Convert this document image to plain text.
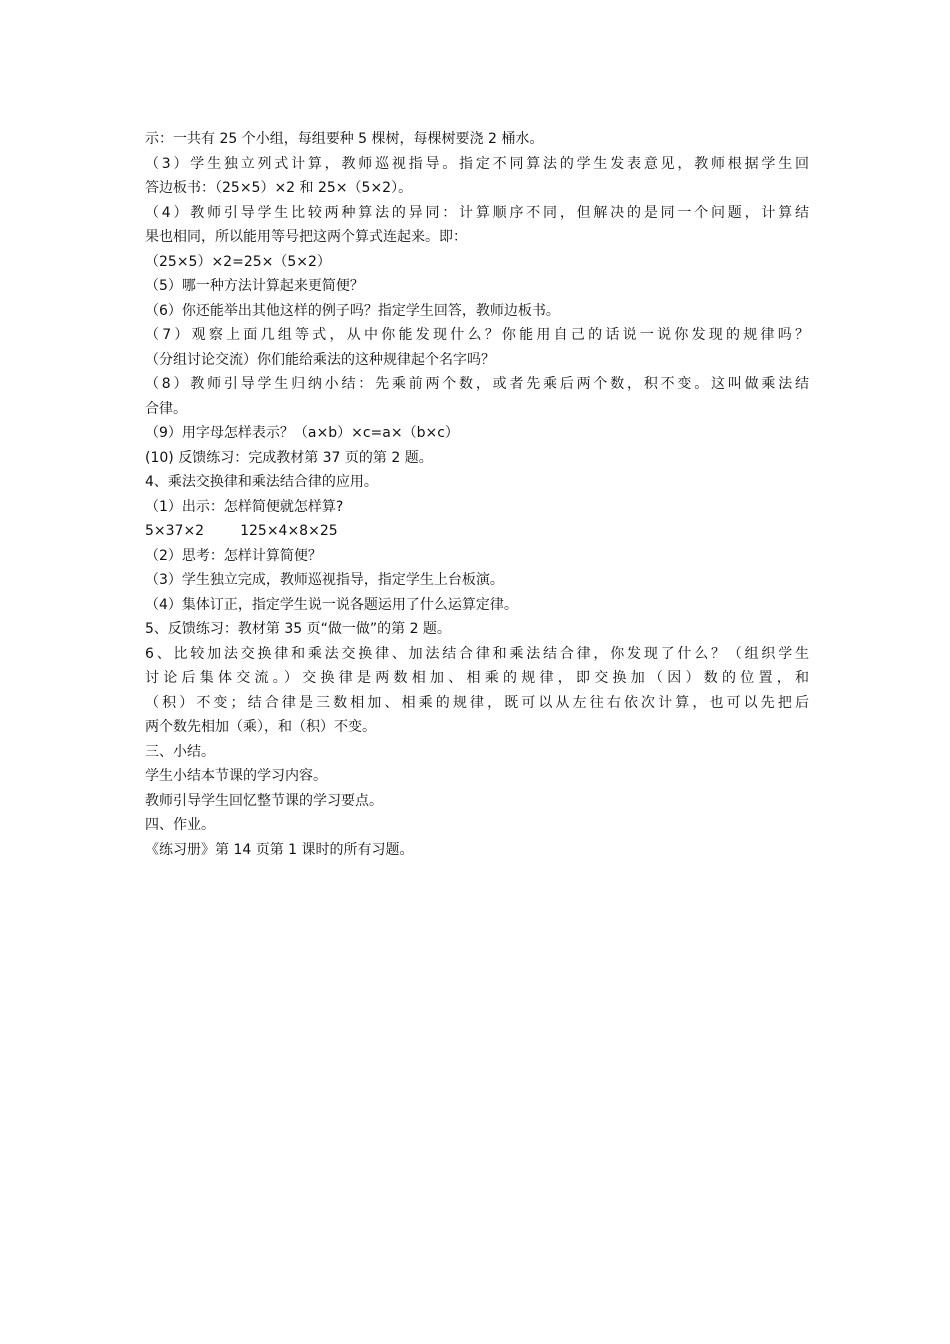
示：一共有 25 个小组，每组要种 5 棵树，每棵树要浇 2 桶水。
（3）学生独立列式计算，教师巡视指导。指定不同算法的学生发表意见，教师根据学生回
答边板书：（25×5）×2 和 25×（5×2）。
（4）教师引导学生比较两种算法的异同：计算顺序不同，但解决的是同一个问题，计算结
果也相同，所以能用等号把这两个算式连起来。即：
（25×5）×2=25×（5×2）
（5）哪一种方法计算起来更简便？
（6）你还能举出其他这样的例子吗？指定学生回答，教师边板书。
（7）观察上面几组等式，从中你能发现什么？你能用自己的话说一说你发现的规律吗？
（分组讨论交流）你们能给乘法的这种规律起个名字吗？
（8）教师引导学生归纳小结：先乘前两个数，或者先乘后两个数，积不变。这叫做乘法结
合律。
（9）用字母怎样表示？（a×b）×c=a×（b×c）
(10) 反馈练习：完成教材第 37 页的第 2 题。
4、乘法交换律和乘法结合律的应用。
（1）出示：怎样简便就怎样算?
5×37×2	125×4×8×25
（2）思考：怎样计算简便？
（3）学生独立完成，教师巡视指导，指定学生上台板演。
（4）集体订正，指定学生说一说各题运用了什么运算定律。
5、反馈练习：教材第 35 页“做一做”的第 2 题。
6、比较加法交换律和乘法交换律、加法结合律和乘法结合律，你发现了什么？（组织学生
讨论后集体交流。）交换律是两数相加、相乘的规律，即交换加（因）数的位置，和
（积）不变；结合律是三数相加、相乘的规律，既可以从左往右依次计算，也可以先把后
两个数先相加（乘），和（积）不变。
三、小结。
学生小结本节课的学习内容。
教师引导学生回忆整节课的学习要点。
四、作业。
《练习册》第 14 页第 1 课时的所有习题。
